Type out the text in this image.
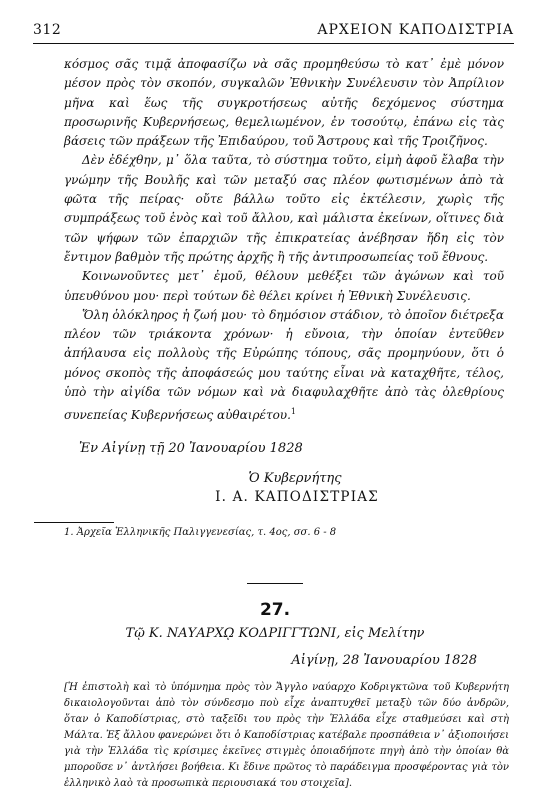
312	ΑΡΧΕΙΟΝ ΚΑΠΟΔΙΣΤΡΙΑ

κόσμος σᾶς τιμᾷ ἀποφασίζω νὰ σᾶς προμηθεύσω τὸ κατ᾽ ἐμὲ μόνον μέσον πρὸς τὸν σκοπόν, συγκαλῶν Ἐθνικὴν Συνέλευσιν τὸν Ἀπρίλιον μῆνα καὶ ἕως τῆς συγκροτήσεως αὐτῆς δεχόμενος σύστημα προσωρινῆς Κυβερνήσεως, θεμελιωμένον, ἐν τοσούτῳ, ἐπάνω εἰς τὰς βάσεις τῶν πράξεων τῆς Ἐπιδαύρου, τοῦ Ἄστρους καὶ τῆς Τροιζῆνος.

Δὲν ἐδέχθην, μ᾽ ὅλα ταῦτα, τὸ σύστημα τοῦτο, εἰμὴ ἀφοῦ ἔλαβα τὴν γνώμην τῆς Βουλῆς καὶ τῶν μεταξύ σας πλέον φωτισμένων ἀπὸ τὰ φῶτα τῆς πείρας· οὔτε βάλλω τοῦτο εἰς ἐκτέλεσιν, χωρὶς τῆς συμπράξεως τοῦ ἑνὸς καὶ τοῦ ἄλλου, καὶ μάλιστα ἐκείνων, οἵτινες διὰ τῶν ψήφων τῶν ἐπαρχιῶν τῆς ἐπικρατείας ἀνέβησαν ἤδη εἰς τὸν ἔντιμον βαθμὸν τῆς πρώτης ἀρχῆς ἢ τῆς ἀντιπροσωπείας τοῦ ἔθνους.

Κοινωνοῦντες μετ᾽ ἐμοῦ, θέλουν μεθέξει τῶν ἀγώνων καὶ τοῦ ὑπευθύνου μου· περὶ τούτων δὲ θέλει κρίνει ἡ Ἐθνικὴ Συνέλευσις.

Ὅλη ὁλόκληρος ἡ ζωή μου· τὸ δημόσιον στάδιον, τὸ ὁποῖον διέτρεξα πλέον τῶν τριάκοντα χρόνων· ἡ εὔνοια, τὴν ὁποίαν ἐντεῦθεν ἀπήλαυσα εἰς πολλοὺς τῆς Εὐρώπης τόπους, σᾶς προμηνύουν, ὅτι ὁ μόνος σκοπὸς τῆς ἀποφάσεώς μου ταύτης εἶναι νὰ καταχθῆτε, τέλος, ὑπὸ τὴν αἰγίδα τῶν νόμων καὶ νὰ διαφυλαχθῆτε ἀπὸ τὰς ὀλεθρίους συνεπείας Κυβερνήσεως αὐθαιρέτου.$^1$

Ἐν Αἰγίνῃ τῇ 20 Ἰανουαρίου 1828
Ὁ Κυβερνήτης
Ι. Α. ΚΑΠΟΔΙΣΤΡΙΑΣ
1. Ἀρχεῖα Ἑλληνικῆς Παλιγγενεσίας, τ. 4ος, σσ. 6 - 8
27.
Τῷ Κ. ΝΑΥΑΡΧῼ ΚΟΔΡΙΓΓΤΩΝΙ, εἰς Μελίτην
Αἰγίνῃ, 28 Ἰανουαρίου 1828
[Ἡ ἐπιστολὴ καὶ τὸ ὑπόμνημα πρὸς τὸν Ἄγγλο ναύαρχο Κοδριγκτῶνα τοῦ Κυβερνήτη δικαιολογοῦνται ἀπὸ τὸν σύνδεσμο ποὺ εἶχε ἀναπτυχθεῖ μεταξὺ τῶν δύο ἀνδρῶν, ὅταν ὁ Καποδίστριας, στὸ ταξεῖδι του πρὸς τὴν Ἑλλάδα εἶχε σταθμεύσει καὶ στὴ Μάλτα. Ἐξ ἄλλου φανερώνει ὅτι ὁ Καποδίστριας κατέβαλε προσπάθεια ν᾽ ἀξιοποιήσει γιὰ τὴν Ἑλλάδα τὶς κρίσιμες ἐκεῖνες στιγμὲς ὁποιαδήποτε πηγὴ ἀπὸ τὴν ὁποίαν θὰ μποροῦσε ν᾽ ἀντλήσει βοήθεια. Κι ἔδινε πρῶτος τὸ παράδειγμα προσφέροντας γιὰ τὸν ἑλληνικὸ λαὸ τὰ προσωπικὰ περιουσιακά του στοιχεῖα].
